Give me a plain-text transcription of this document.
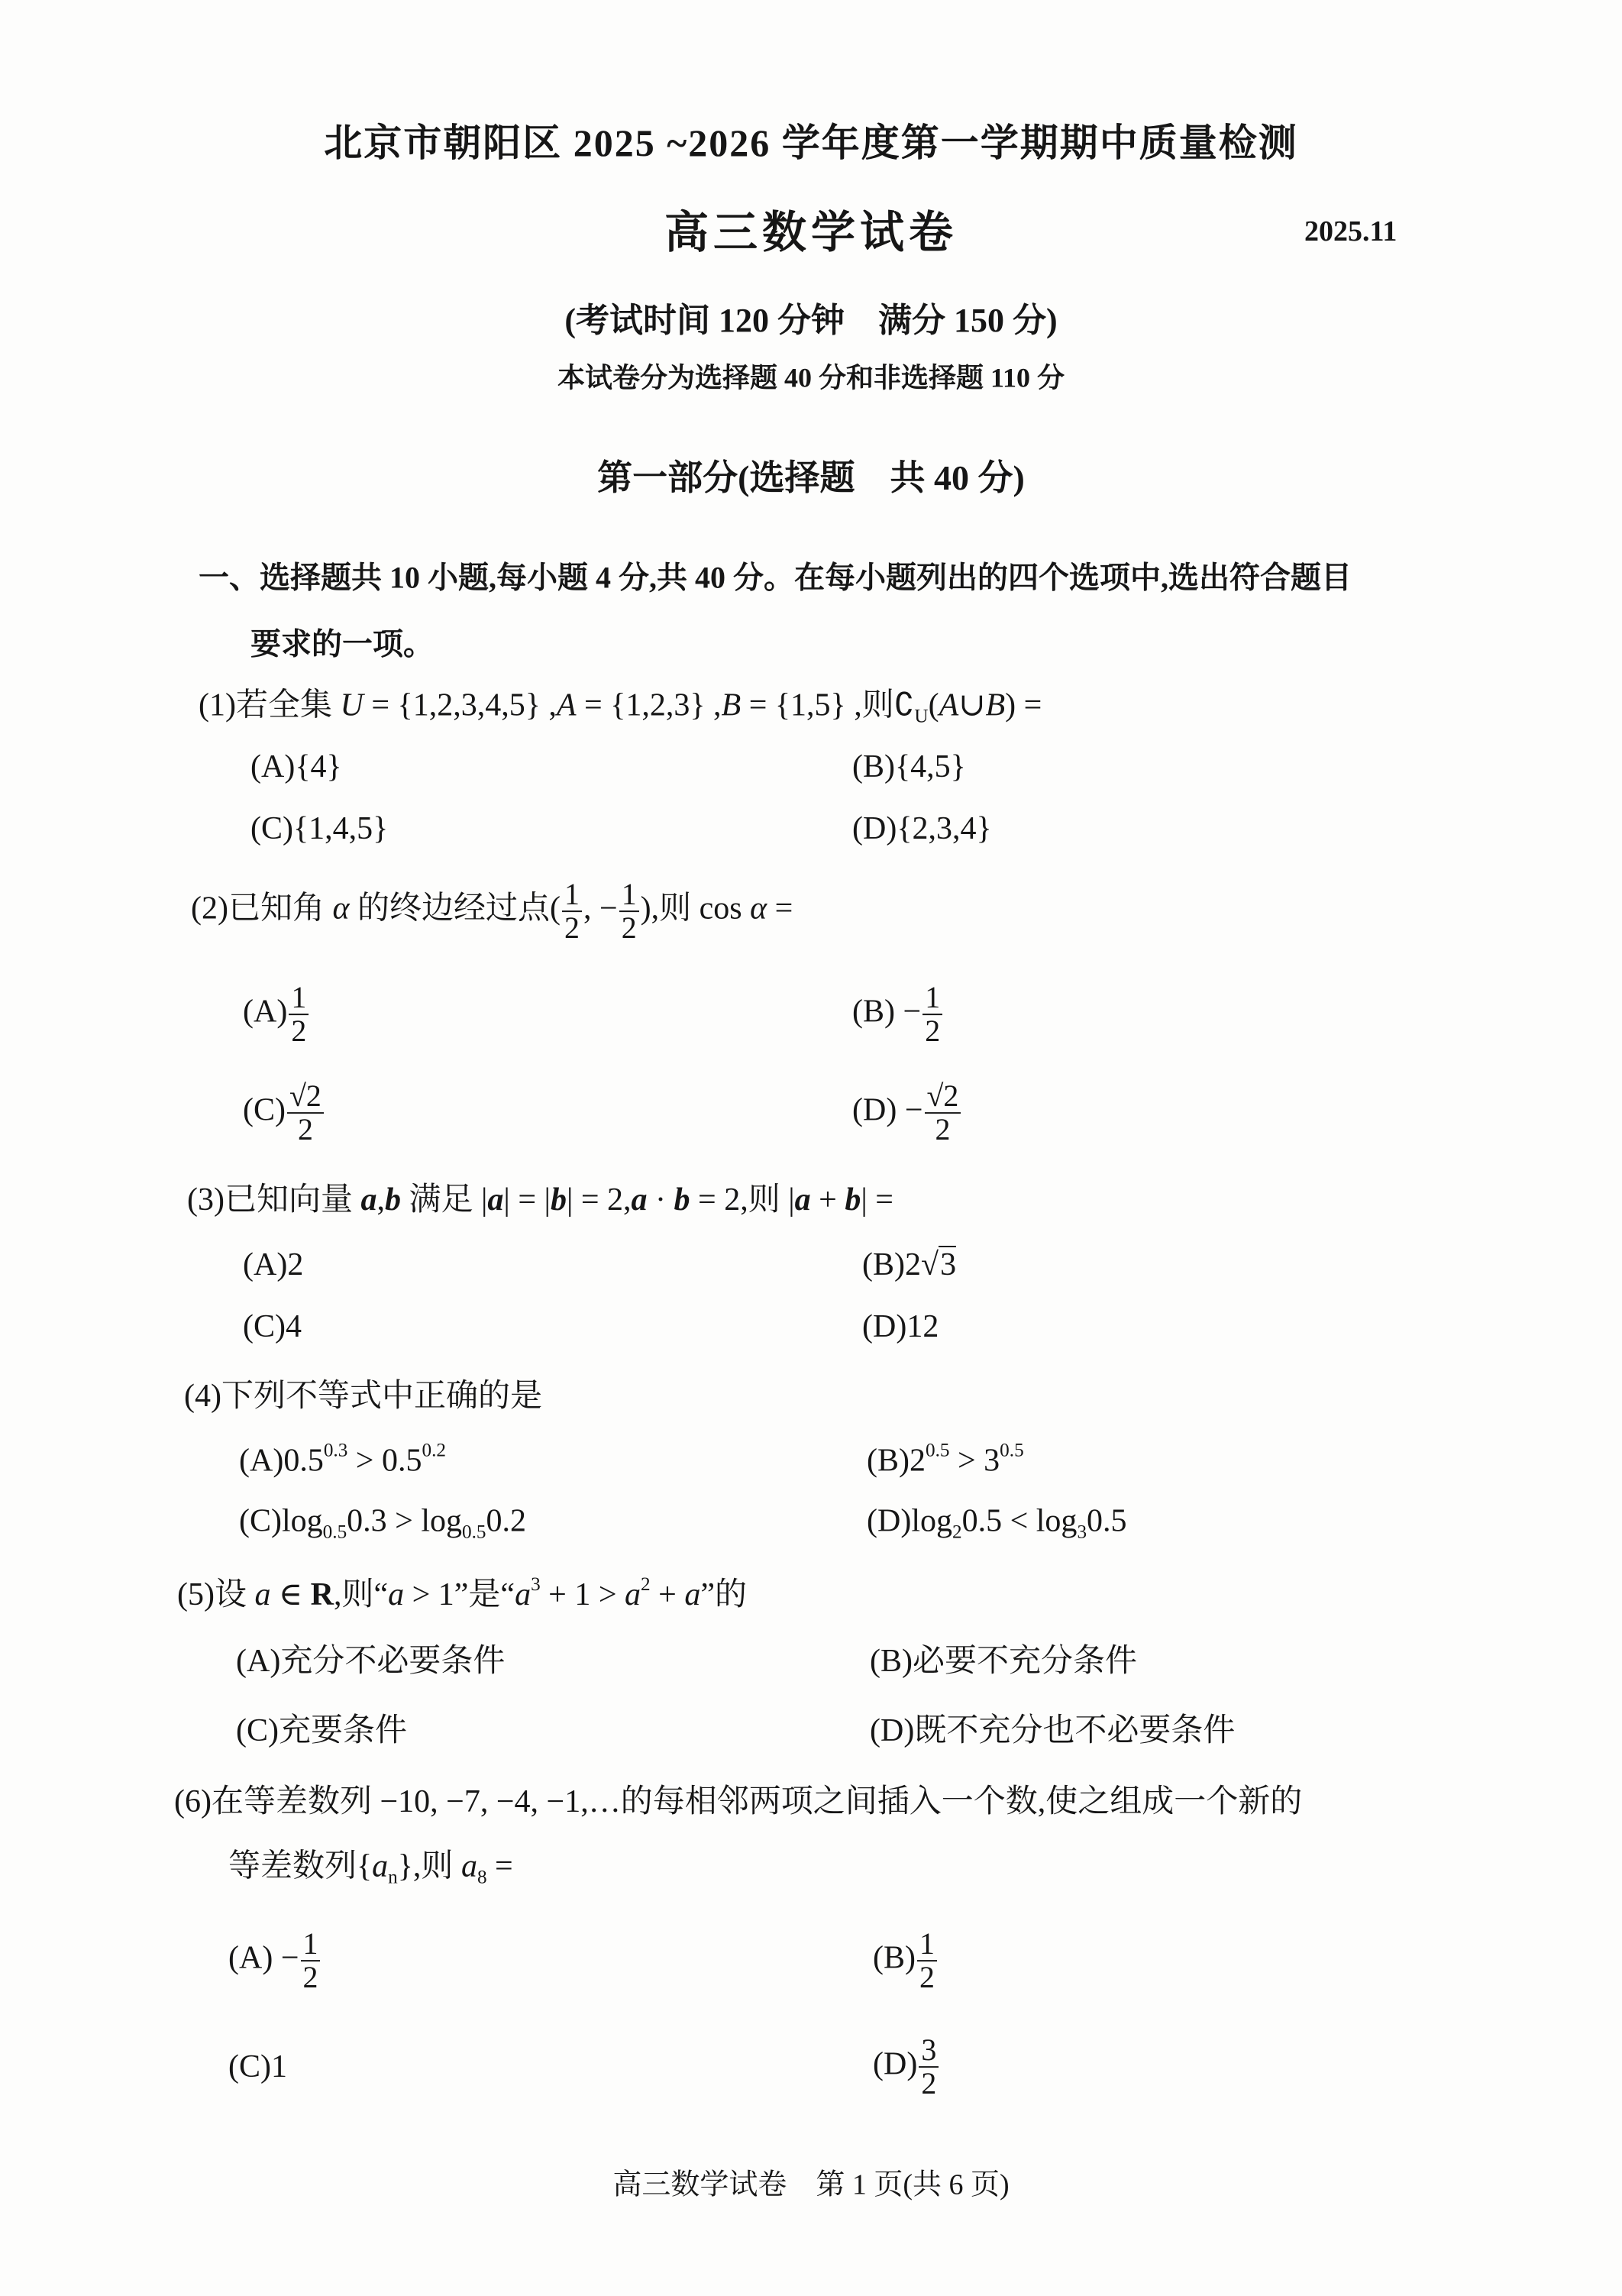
北京市朝阳区 2025 ~2026 学年度第一学期期中质量检测
高三数学试卷	2025.11
(考试时间 120 分钟　满分 150 分)
本试卷分为选择题 40 分和非选择题 110 分
第一部分(选择题　共 40 分)
一、选择题共 10 小题,每小题 4 分,共 40 分。在每小题列出的四个选项中,选出符合题目
要求的一项。
(1)若全集 U = {1,2,3,4,5} ,A = {1,2,3} ,B = {1,5} ,则$∁_U(A\cup B)$ =
(A){4}	(B){4,5}
(C){1,4,5}	(D){2,3,4}
(2)已知角 α 的终边经过点( $\frac{1}{2}$ , − $\frac{1}{2}$ ),则 cos α =
$(A) \frac{1}{2}$	$(B) - \frac{1}{2}$
$(C) \frac{√2}{2}$	$(D) - \frac{√2}{2}$
(3)已知向量 a,b 满足 |a| = |b| = 2,a · b = 2,则 |a + b| =
(A)2	(B)2√3
(C)4	(D)12
(4)下列不等式中正确的是
$(A)0.5^{0.3} > 0.5^{0.2}$	$(B)2^{0.5} > 3^{0.5}$
$(C)\log_{0.5}0.3 > \log_{0.5}0.2$	$(D)\log_20.5 < \log_30.5$
(5)设 a ∈ R,则“a > 1”是“$a^3 + 1 > a^2 + a$”的
(A)充分不必要条件	(B)必要不充分条件
(C)充要条件	(D)既不充分也不必要条件
(6)在等差数列 −10, −7, −4, −1,…的每相邻两项之间插入一个数,使之组成一个新的
等差数列$\{a_n\}$,则 $a_8$ =
$(A) - \frac{1}{2}$	$(B) \frac{1}{2}$
(C)1	$(D) \frac{3}{2}$
高三数学试卷　第 1 页(共 6 页)
